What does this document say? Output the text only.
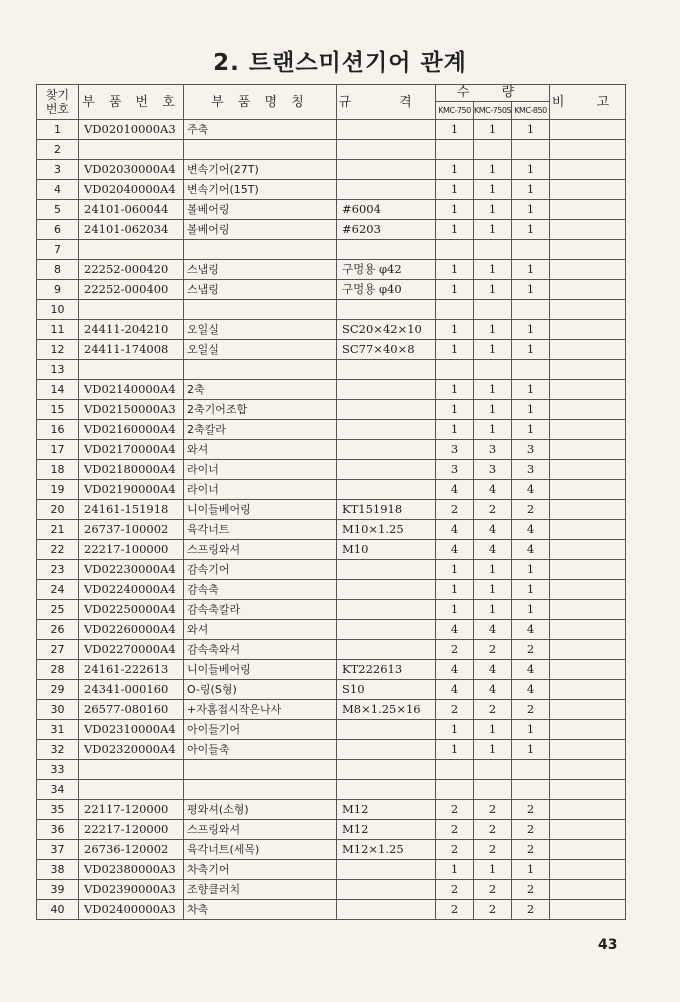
2. 트랜스미션기어 관계
찾기
번호	부 품 번 호	부 품 명 칭	규 격	수 량			비 고
				KMC-750	KMC-750S	KMC-850	
1	VD02010000A3	주축		1	1	1	
2							
3	VD02030000A4	변속기어(27T)		1	1	1	
4	VD02040000A4	변속기어(15T)		1	1	1	
5	24101-060044	볼베어링	#6004	1	1	1	
6	24101-062034	볼베어링	#6203	1	1	1	
7							
8	22252-000420	스냅링	구멍용 φ42	1	1	1	
9	22252-000400	스냅링	구멍용 φ40	1	1	1	
10							
11	24411-204210	오일실	SC20×42×10	1	1	1	
12	24411-174008	오일실	SC77×40×8	1	1	1	
13							
14	VD02140000A4	2축		1	1	1	
15	VD02150000A3	2축기어조합		1	1	1	
16	VD02160000A4	2축칼라		1	1	1	
17	VD02170000A4	와셔		3	3	3	
18	VD02180000A4	라이너		3	3	3	
19	VD02190000A4	라이너		4	4	4	
20	24161-151918	니이들베어링	KT151918	2	2	2	
21	26737-100002	육각너트	M10×1.25	4	4	4	
22	22217-100000	스프링와셔	M10	4	4	4	
23	VD02230000A4	감속기어		1	1	1	
24	VD02240000A4	감속축		1	1	1	
25	VD02250000A4	감속축칼라		1	1	1	
26	VD02260000A4	와셔		4	4	4	
27	VD02270000A4	감속축와셔		2	2	2	
28	24161-222613	니이들베어링	KT222613	4	4	4	
29	24341-000160	O-링(S형)	S10	4	4	4	
30	26577-080160	+자홈접시작은나사	M8×1.25×16	2	2	2	
31	VD02310000A4	아이들기어		1	1	1	
32	VD02320000A4	아이들축		1	1	1	
33							
34							
35	22117-120000	평와셔(소형)	M12	2	2	2	
36	22217-120000	스프링와셔	M12	2	2	2	
37	26736-120002	육각너트(세목)	M12×1.25	2	2	2	
38	VD02380000A3	차축기어		1	1	1	
39	VD02390000A3	조향클러치		2	2	2	
40	VD02400000A3	차축		2	2	2	
43
